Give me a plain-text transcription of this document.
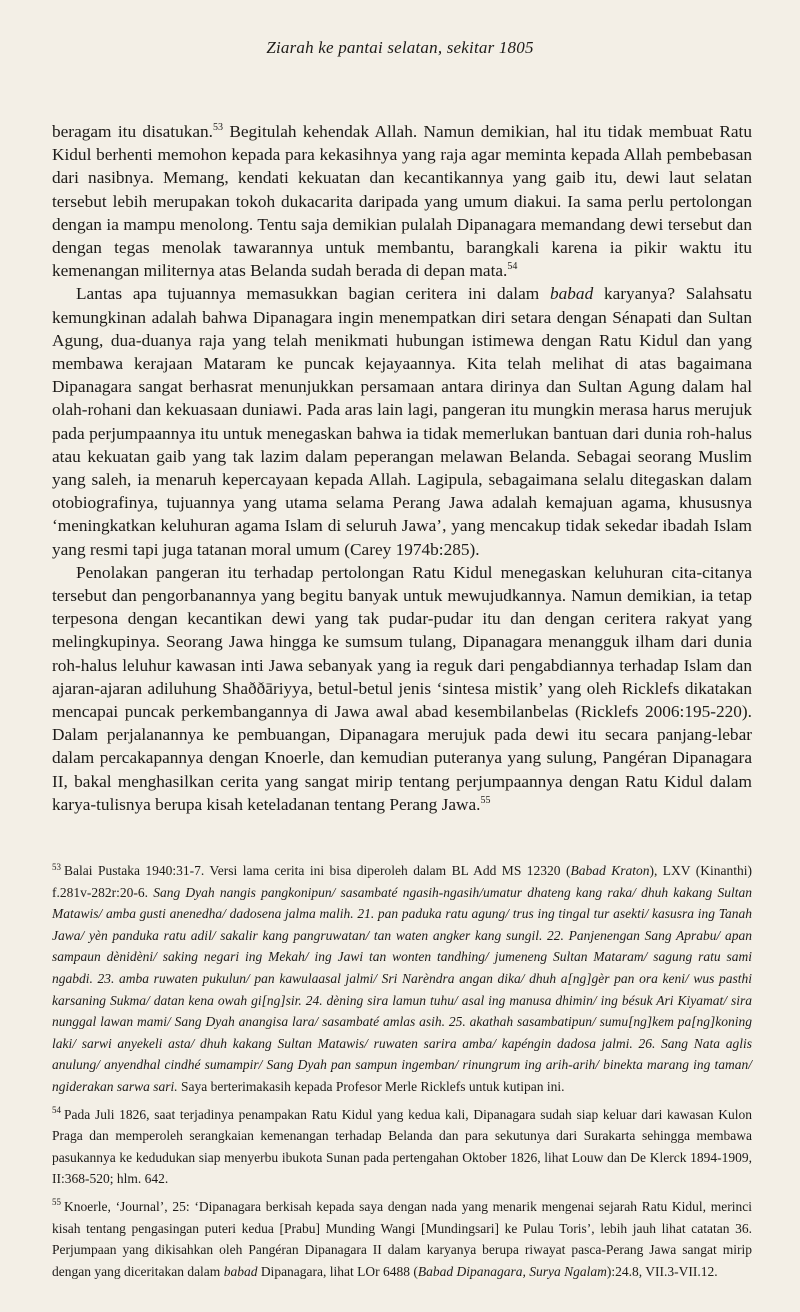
Ziarah ke pantai selatan, sekitar 1805

beragam itu disatukan.$^{53}$ Begitulah kehendak Allah. Namun demikian, hal itu tidak membuat Ratu Kidul berhenti memohon kepada para kekasihnya yang raja agar meminta kepada Allah pembebasan dari nasibnya. Memang, kendati kekuatan dan kecantikannya yang gaib itu, dewi laut selatan tersebut lebih merupakan tokoh dukacarita daripada yang umum diakui. Ia sama perlu pertolongan dengan ia mampu menolong. Tentu saja demikian pulalah Dipanagara memandang dewi tersebut dan dengan tegas menolak tawarannya untuk membantu, barangkali karena ia pikir waktu itu kemenangan militernya atas Belanda sudah berada di depan mata.$^{54}$

Lantas apa tujuannya memasukkan bagian ceritera ini dalam babad karyanya? Salahsatu kemungkinan adalah bahwa Dipanagara ingin menempatkan diri setara dengan Sénapati dan Sultan Agung, dua-duanya raja yang telah menikmati hubungan istimewa dengan Ratu Kidul dan yang membawa kerajaan Mataram ke puncak kejayaannya. Kita telah melihat di atas bagaimana Dipanagara sangat berhasrat menunjukkan persamaan antara dirinya dan Sultan Agung dalam hal olah-rohani dan kekuasaan duniawi. Pada aras lain lagi, pangeran itu mungkin merasa harus merujuk pada perjumpaannya itu untuk menegaskan bahwa ia tidak memerlukan bantuan dari dunia roh-halus atau kekuatan gaib yang tak lazim dalam peperangan melawan Belanda. Sebagai seorang Muslim yang saleh, ia menaruh kepercayaan kepada Allah. Lagipula, sebagaimana selalu ditegaskan dalam otobiografinya, tujuannya yang utama selama Perang Jawa adalah kemajuan agama, khususnya ‘meningkatkan keluhuran agama Islam di seluruh Jawa’, yang mencakup tidak sekedar ibadah Islam yang resmi tapi juga tatanan moral umum (Carey 1974b:285).

Penolakan pangeran itu terhadap pertolongan Ratu Kidul menegaskan keluhuran cita-citanya tersebut dan pengorbanannya yang begitu banyak untuk mewujudkannya. Namun demikian, ia tetap terpesona dengan kecantikan dewi yang tak pudar-pudar itu dan dengan ceritera rakyat yang melingkupinya. Seorang Jawa hingga ke sumsum tulang, Dipanagara menangguk ilham dari dunia roh-halus leluhur kawasan inti Jawa sebanyak yang ia reguk dari pengabdiannya terhadap Islam dan ajaran-ajaran adiluhung Shaððāriyya, betul-betul jenis ‘sintesa mistik’ yang oleh Ricklefs dikatakan mencapai puncak perkembangannya di Jawa awal abad kesembilanbelas (Ricklefs 2006:195-220). Dalam perjalanannya ke pembuangan, Dipanagara merujuk pada dewi itu secara panjang-lebar dalam percakapannya dengan Knoerle, dan kemudian puteranya yang sulung, Pangéran Dipanagara II, bakal menghasilkan cerita yang sangat mirip tentang perjumpaannya dengan Ratu Kidul dalam karya-tulisnya berupa kisah keteladanan tentang Perang Jawa.$^{55}$

$^{53}$ Balai Pustaka 1940:31-7. Versi lama cerita ini bisa diperoleh dalam BL Add MS 12320 (Babad Kraton), LXV (Kinanthi) f.281v-282r:20-6. Sang Dyah nangis pangkonipun/ sasambaté ngasih-ngasih/umatur dhateng kang raka/ dhuh kakang Sultan Matawis/ amba gusti anenedha/ dadosena jalma malih. 21. pan paduka ratu agung/ trus ing tingal tur asekti/ kasusra ing Tanah Jawa/ yèn panduka ratu adil/ sakalir kang pangruwatan/ tan waten angker kang sungil. 22. Panjenengan Sang Aprabu/ apan sampaun dènidèni/ saking negari ing Mekah/ ing Jawi tan wonten tandhing/ jumeneng Sultan Mataram/ sagung ratu sami ngabdi. 23. amba ruwaten pukulun/ pan kawulaasal jalmi/ Sri Narèndra angan dika/ dhuh a[ng]gèr pan ora keni/ wus pasthi karsaning Sukma/ datan kena owah gi[ng]sir. 24. dèning sira lamun tuhu/ asal ing manusa dhimin/ ing bésuk Ari Kiyamat/ sira nunggal lawan mami/ Sang Dyah anangisa lara/ sasambaté amlas asih. 25. akathah sasambatipun/ sumu[ng]kem pa[ng]koning laki/ sarwi anyekeli asta/ dhuh kakang Sultan Matawis/ ruwaten sarira amba/ kapéngin dadosa jalmi. 26. Sang Nata aglis anulung/ anyendhal cindhé sumampir/ Sang Dyah pan sampun ingemban/ rinungrum ing arih-arih/ binekta marang ing taman/ ngiderakan sarwa sari. Saya berterimakasih kepada Profesor Merle Ricklefs untuk kutipan ini.

$^{54}$ Pada Juli 1826, saat terjadinya penampakan Ratu Kidul yang kedua kali, Dipanagara sudah siap keluar dari kawasan Kulon Praga dan memperoleh serangkaian kemenangan terhadap Belanda dan para sekutunya dari Surakarta sehingga membawa pasukannya ke kedudukan siap menyerbu ibukota Sunan pada pertengahan Oktober 1826, lihat Louw dan De Klerck 1894-1909, II:368-520; hlm. 642.

$^{55}$ Knoerle, ‘Journal’, 25: ‘Dipanagara berkisah kepada saya dengan nada yang menarik mengenai sejarah Ratu Kidul, merinci kisah tentang pengasingan puteri kedua [Prabu] Munding Wangi [Mundingsari] ke Pulau Toris’, lebih jauh lihat catatan 36. Perjumpaan yang dikisahkan oleh Pangéran Dipanagara II dalam karyanya berupa riwayat pasca-Perang Jawa sangat mirip dengan yang diceritakan dalam babad Dipanagara, lihat LOr 6488 (Babad Dipanagara, Surya Ngalam):24.8, VII.3-VII.12.
